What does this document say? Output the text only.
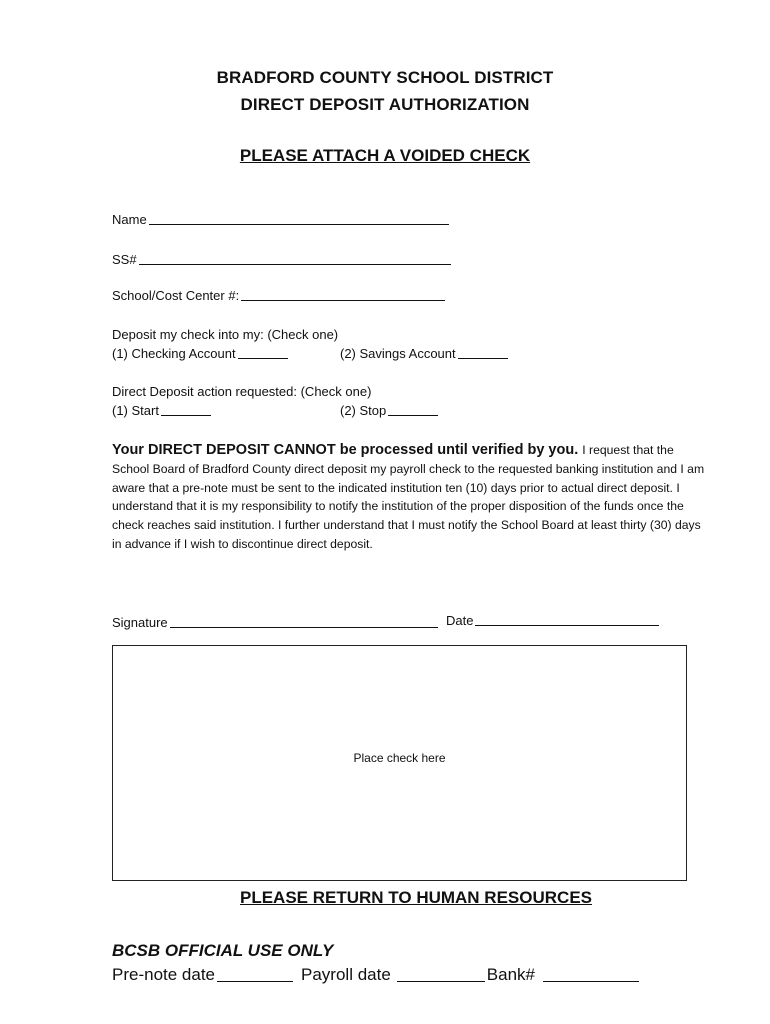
BRADFORD COUNTY SCHOOL DISTRICT
DIRECT DEPOSIT AUTHORIZATION
PLEASE ATTACH A VOIDED CHECK
Name
SS#
School/Cost Center #:
Deposit my check into my: (Check one)
(1) Checking Account	(2) Savings Account
Direct Deposit action requested: (Check one)
(1) Start	(2) Stop
Your DIRECT DEPOSIT CANNOT be processed until verified by you. I request that the School Board of Bradford County direct deposit my payroll check to the requested banking institution and I am aware that a pre-note must be sent to the indicated institution ten (10) days prior to actual direct deposit. I understand that it is my responsibility to notify the institution of the proper disposition of the funds once the check reaches said institution. I further understand that I must notify the School Board at least thirty (30) days in advance if I wish to discontinue direct deposit.
Signature	Date
Place check here
PLEASE RETURN TO HUMAN RESOURCES
BCSB OFFICIAL USE ONLY
Pre-note date	Payroll date	Bank#
